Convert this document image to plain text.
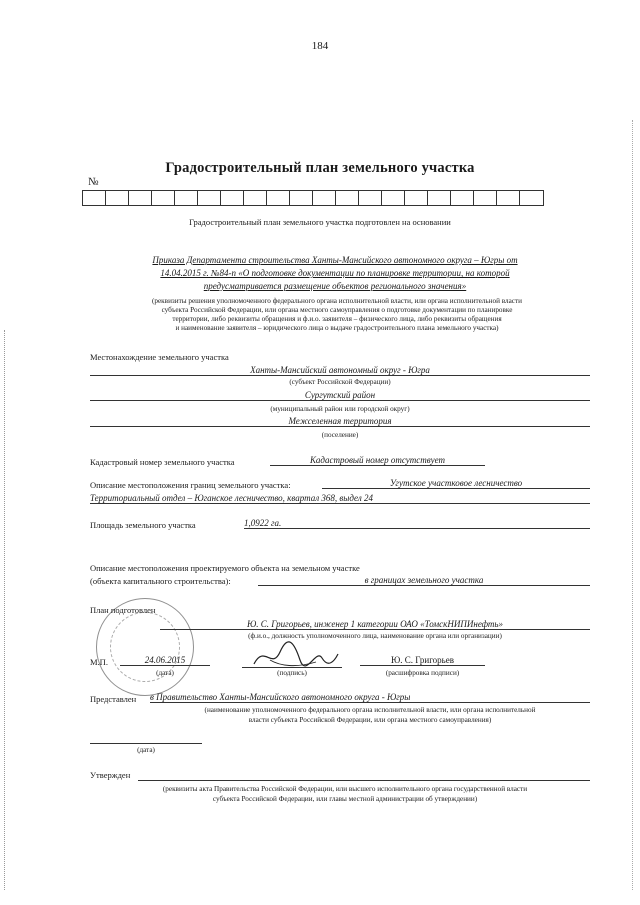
184
Градостроительный план земельного участка
№
Градостроительный план земельного участка подготовлен на основании
Приказа Департамента строительства Ханты-Мансийского автономного округа – Югры от
14.04.2015 г. №84-п «О подготовке документации по планировке территории, на которой
предусматривается размещение объектов регионального значения»
(реквизиты решения уполномоченного федерального органа исполнительной власти, или органа исполнительной власти
субъекта Российской Федерации, или органа местного самоуправления о подготовке документации по планировке
территории, либо реквизиты обращения и ф.и.о. заявителя – физического лица, либо реквизиты обращения
и наименование заявителя – юридического лица о выдаче градостроительного плана земельного участка)
Местонахождение земельного участка
Ханты-Мансийский автономный округ - Югра
(субъект Российской Федерации)
Сургутский район
(муниципальный район или городской округ)
Межселенная территория
(поселение)
Кадастровый номер земельного участка	Кадастровый номер отсутствует
Описание местоположения границ земельного участка:	Угутское участковое лесничество
Территориальный отдел – Юганское лесничество, квартал 368, выдел 24
Площадь земельного участка	1,0922 га.
Описание местоположения проектируемого объекта на земельном участке
(объекта капитального строительства):	в границах земельного участка
План подготовлен
Ю. С. Григорьев, инженер 1 категории ОАО «ТомскНИПИнефть»
(ф.и.о., должность уполномоченного лица, наименование органа или организации)
М.П.	24.06.2015
(дата)	(подпись)
Ю. С. Григорьев
(расшифровка подписи)
Представлен в Правительство Ханты-Мансийского автономного округа - Югры
(наименование уполномоченного федерального органа исполнительной власти, или органа исполнительной
власти субъекта Российской Федерации, или органа местного самоуправления)
(дата)
Утвержден
(реквизиты акта Правительства Российской Федерации, или высшего исполнительного органа государственной власти
субъекта Российской Федерации, или главы местной администрации об утверждении)
